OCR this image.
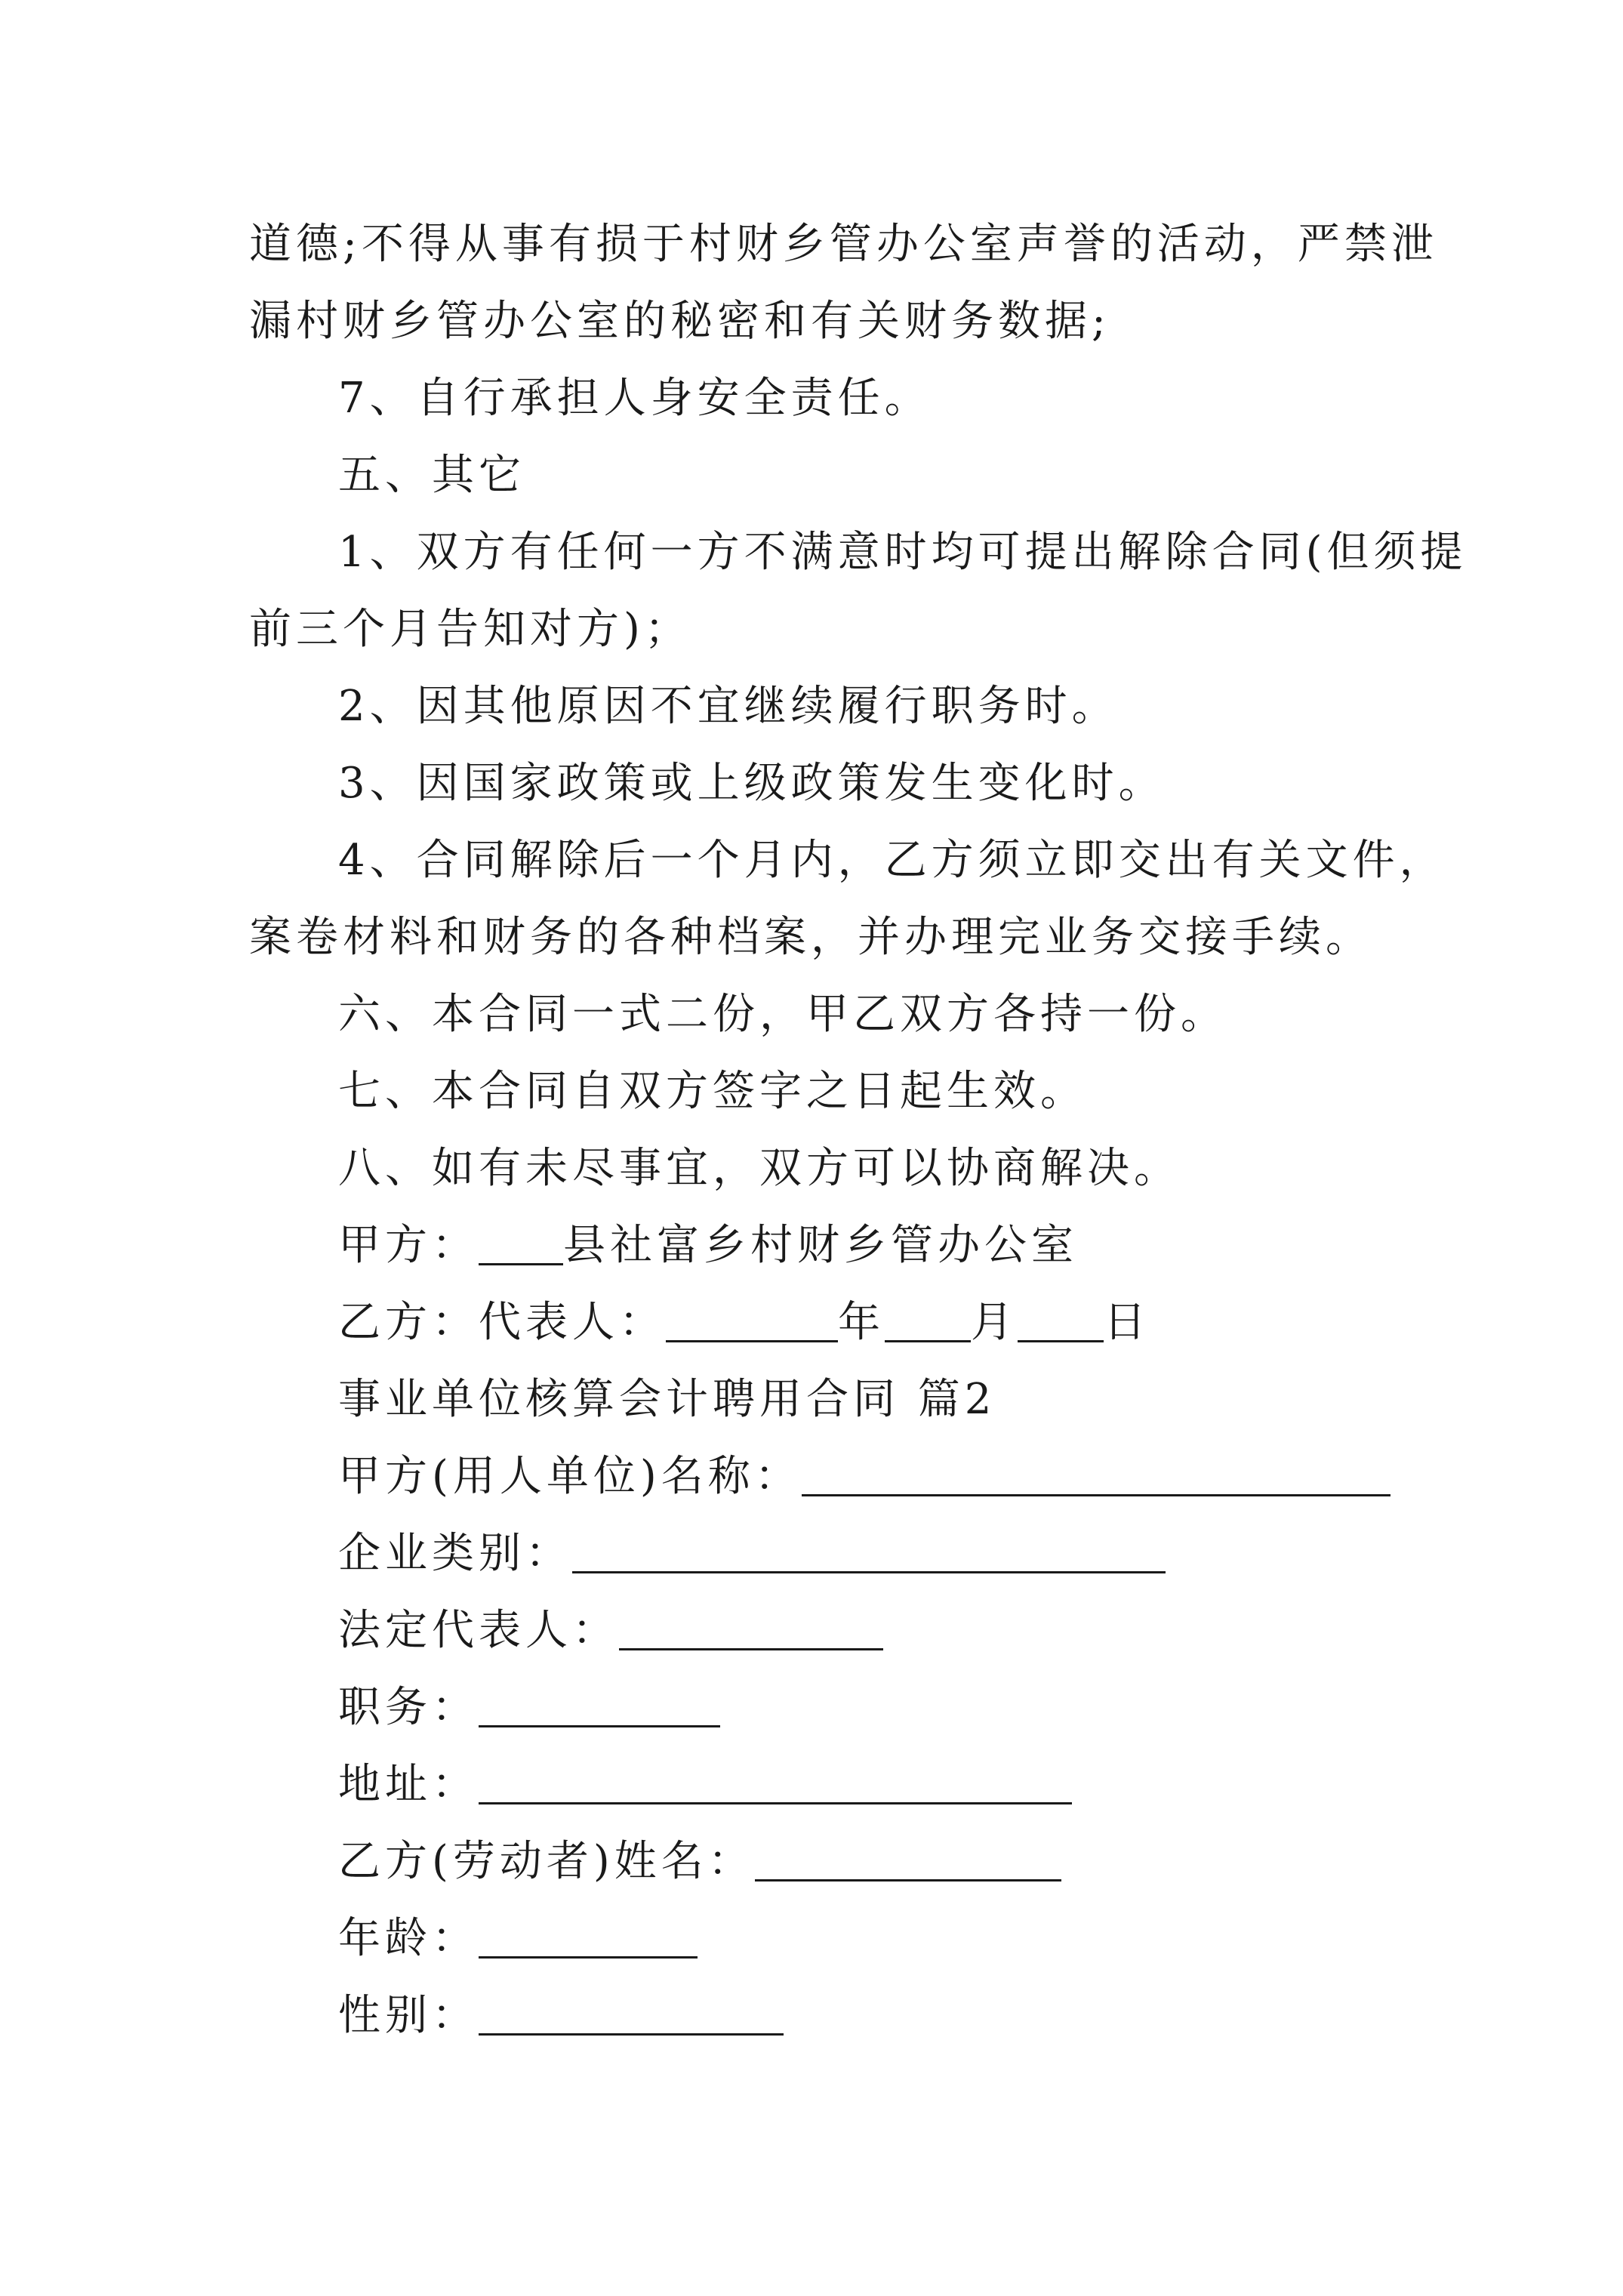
道德;不得从事有损于村财乡管办公室声誉的活动，严禁泄
漏村财乡管办公室的秘密和有关财务数据;
7、自行承担人身安全责任。
五、其它
1、双方有任何一方不满意时均可提出解除合同(但须提
前三个月告知对方)；
2、因其他原因不宜继续履行职务时。
3、因国家政策或上级政策发生变化时。
4、合同解除后一个月内，乙方须立即交出有关文件，
案卷材料和财务的各种档案，并办理完业务交接手续。
六、本合同一式二份，甲乙双方各持一份。
七、本合同自双方签字之日起生效。
八、如有未尽事宜，双方可以协商解决。
甲方： 县社富乡村财乡管办公室
乙方：代表人：	年 月 日
事业单位核算会计聘用合同 篇2
甲方(用人单位)名称：
企业类别：
法定代表人：
职务：
地址：
乙方(劳动者)姓名：
年龄：
性别：
